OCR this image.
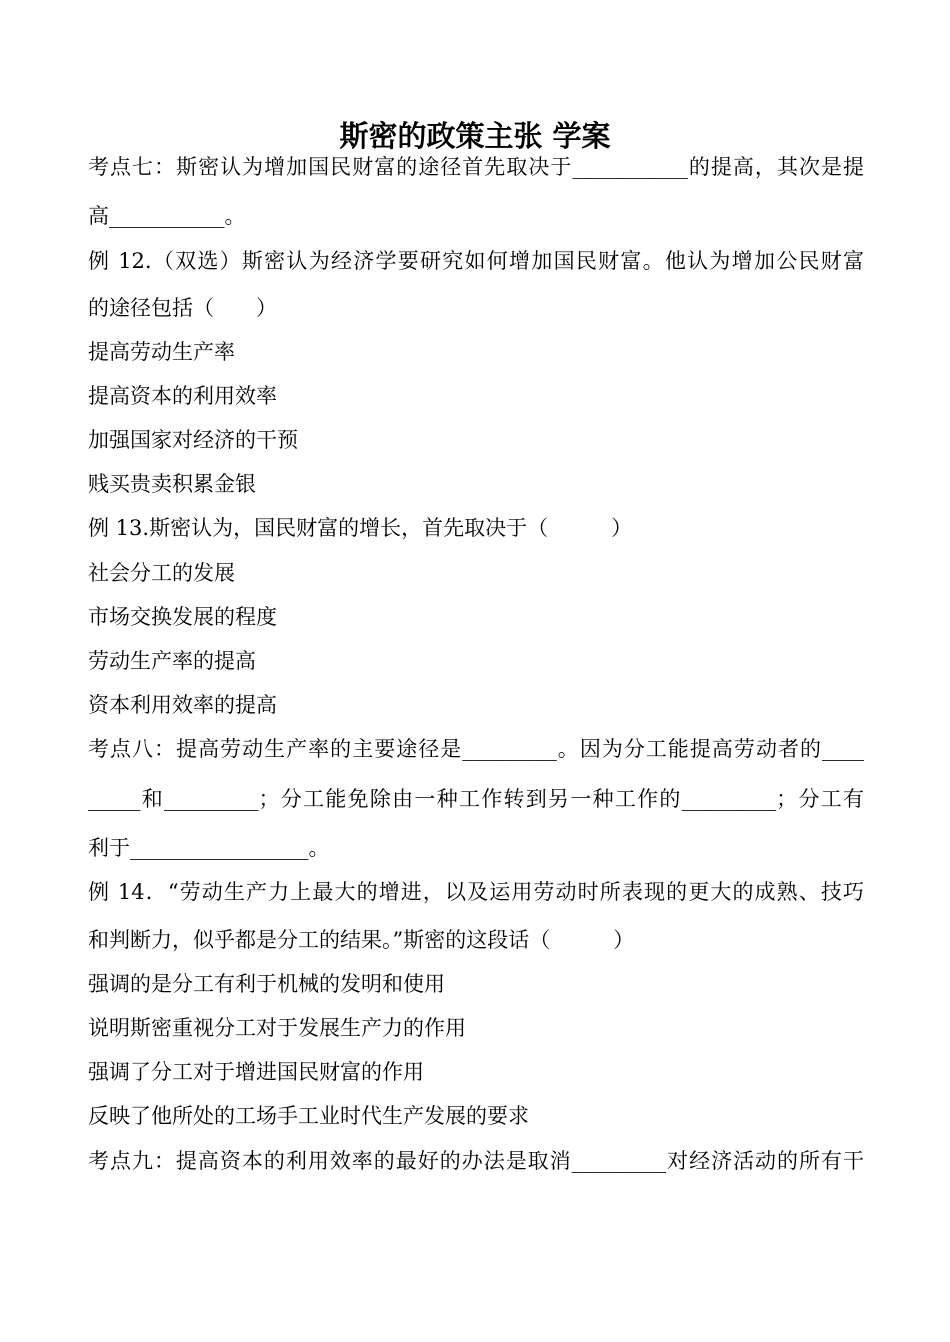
斯密的政策主张 学案
考点七：斯密认为增加国民财富的途径首先取决于___________的提高，其次是提
高___________。
例 12.（双选）斯密认为经济学要研究如何增加国民财富。他认为增加公民财富
的途径包括（　　）
提高劳动生产率
提高资本的利用效率
加强国家对经济的干预
贱买贵卖积累金银
例 13.斯密认为，国民财富的增长，首先取决于（　　　）
社会分工的发展
市场交换发展的程度
劳动生产率的提高
资本利用效率的提高
考点八：提高劳动生产率的主要途径是_________。因为分工能提高劳动者的____
_____和_________；分工能免除由一种工作转到另一种工作的_________；分工有
利于_________________。
例 14．“劳动生产力上最大的增进，以及运用劳动时所表现的更大的成熟、技巧
和判断力，似乎都是分工的结果。”斯密的这段话（　　　）
强调的是分工有利于机械的发明和使用
说明斯密重视分工对于发展生产力的作用
强调了分工对于增进国民财富的作用
反映了他所处的工场手工业时代生产发展的要求
考点九：提高资本的利用效率的最好的办法是取消_________对经济活动的所有干
